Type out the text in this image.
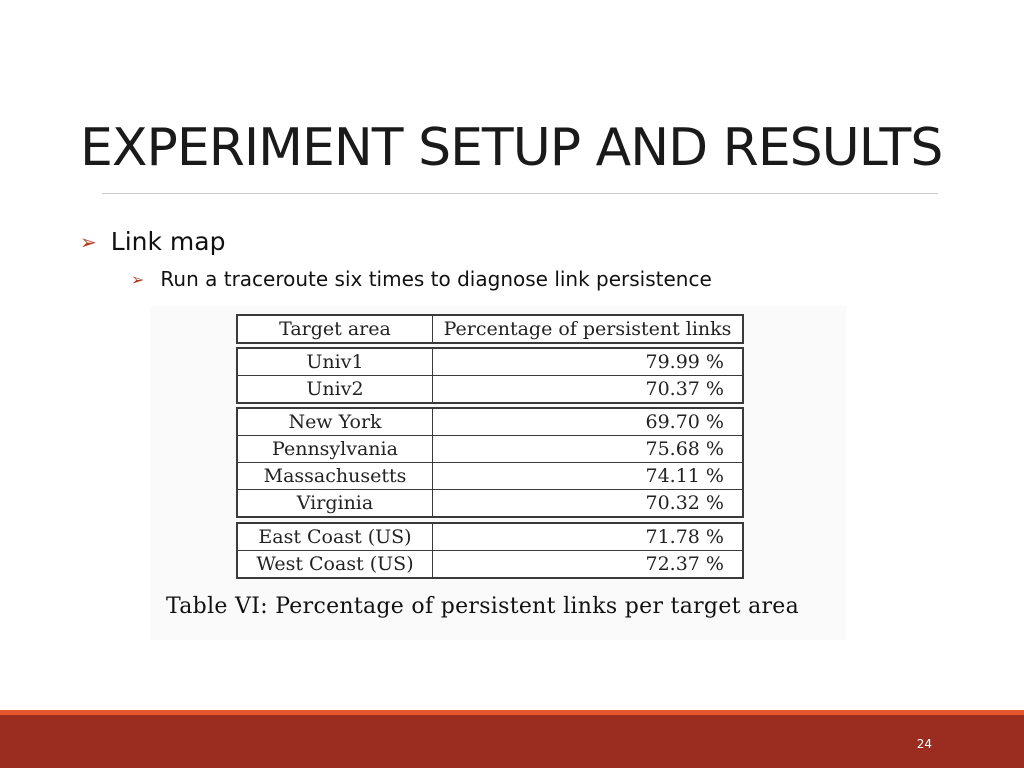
EXPERIMENT SETUP AND RESULTS
➢ Link map
➢ Run a traceroute six times to diagnose link persistence
Target area	Percentage of persistent links
Univ1	79.99 %
Univ2	70.37 %
New York	69.70 %
Pennsylvania	75.68 %
Massachusetts	74.11 %
Virginia	70.32 %
East Coast (US)	71.78 %
West Coast (US)	72.37 %
Table VI: Percentage of persistent links per target area
24
